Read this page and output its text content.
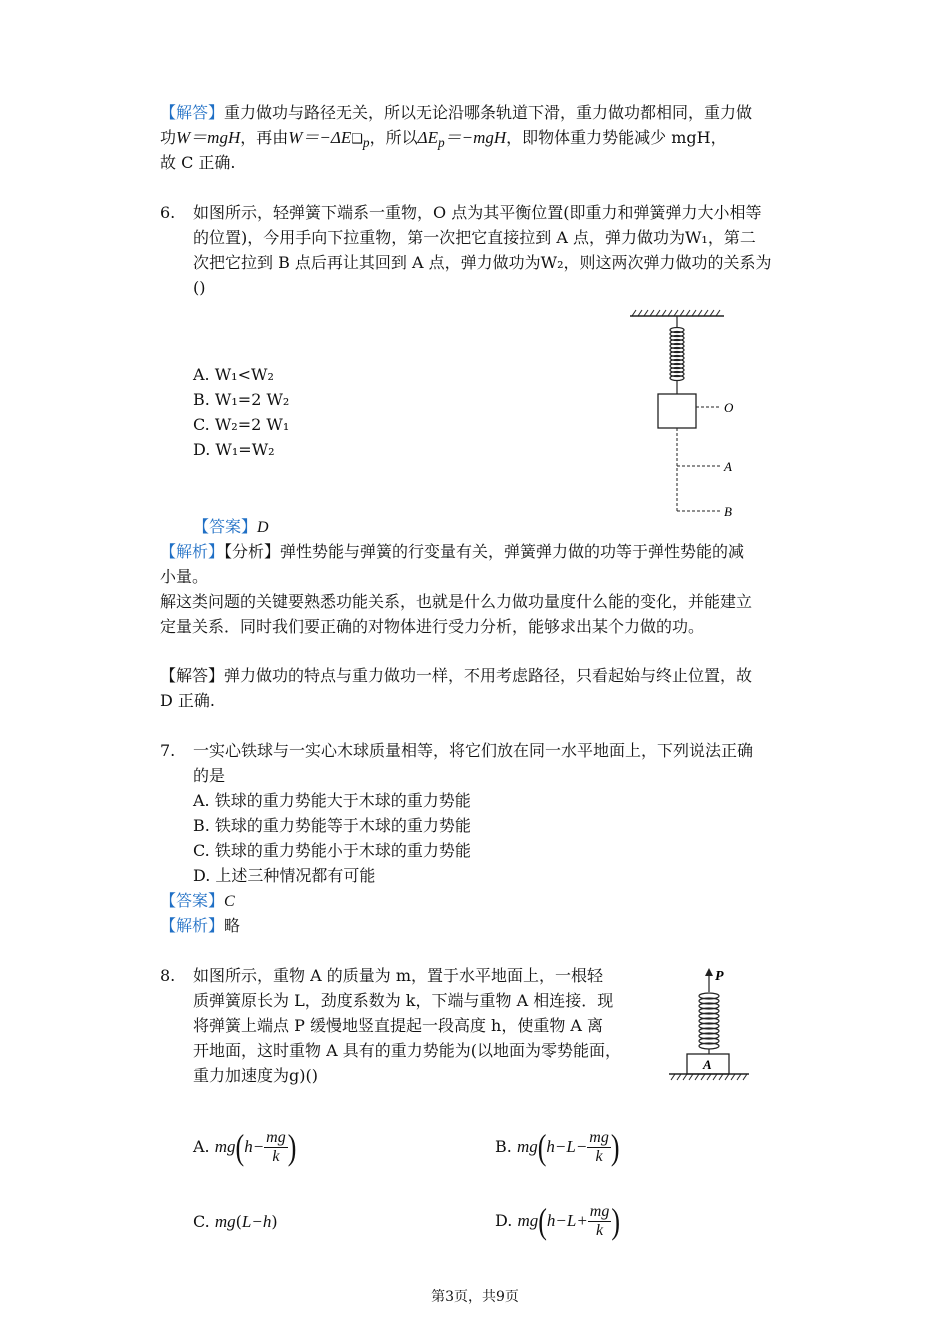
【解答】重力做功与路径无关，所以无论沿哪条轨道下滑，重力做功都相同，重力做
功W＝mgH，再由$W=-\Delta E❑_p$，所以$\Delta E_p=-mgH$，即物体重力势能减少 mgH，
故 C 正确.
6. 如图所示，轻弹簧下端系一重物，O 点为其平衡位置(即重力和弹簧弹力大小相等
的位置)，今用手向下拉重物，第一次把它直接拉到 A 点，弹力做功为W₁，第二
次把它拉到 B 点后再让其回到 A 点，弹力做功为W₂，则这两次弹力做功的关系为
()
A. W₁<W₂
B. W₁=2 W₂
C. W₂=2 W₁
D. W₁=W₂
O
A
B
【答案】D
【解析】【分析】弹性势能与弹簧的行变量有关，弹簧弹力做的功等于弹性势能的减
小量。
解这类问题的关键要熟悉功能关系，也就是什么力做功量度什么能的变化，并能建立
定量关系．同时我们要正确的对物体进行受力分析，能够求出某个力做的功。
【解答】弹力做功的特点与重力做功一样，不用考虑路径，只看起始与终止位置，故
D 正确.
7. 一实心铁球与一实心木球质量相等，将它们放在同一水平地面上，下列说法正确
的是
A. 铁球的重力势能大于木球的重力势能
B. 铁球的重力势能等于木球的重力势能
C. 铁球的重力势能小于木球的重力势能
D. 上述三种情况都有可能
【答案】C
【解析】略
8. 如图所示，重物 A 的质量为 m，置于水平地面上，一根轻
质弹簧原长为 L，劲度系数为 k，下端与重物 A 相连接．现
将弹簧上端点 P 缓慢地竖直提起一段高度 h，使重物 A 离
开地面，这时重物 A 具有的重力势能为(以地面为零势能面，
重力加速度为g)()
P
A
A. $mg(h- \frac{mg}{k}$ )	B. $mg(h-L- \frac{mg}{k}$ )
C. mg(L−h)	D. $mg(h-L+ \frac{mg}{k}$ )
第3页，共9页
